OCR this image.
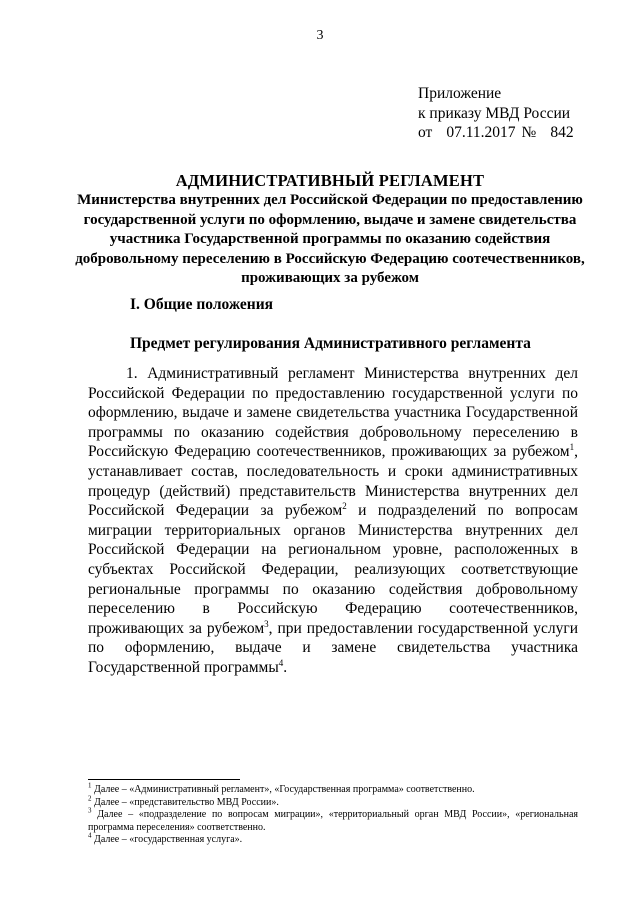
3
Приложение
к приказу МВД России
от 07.11.2017 № 842
АДМИНИСТРАТИВНЫЙ РЕГЛАМЕНТ
Министерства внутренних дел Российской Федерации по предоставлению государственной услуги по оформлению, выдаче и замене свидетельства участника Государственной программы по оказанию содействия добровольному переселению в Российскую Федерацию соотечественников, проживающих за рубежом
I. Общие положения
Предмет регулирования Административного регламента
1. Административный регламент Министерства внутренних дел Российской Федерации по предоставлению государственной услуги по оформлению, выдаче и замене свидетельства участника Государственной программы по оказанию содействия добровольному переселению в Российскую Федерацию соотечественников, проживающих за рубежом$^1$, устанавливает состав, последовательность и сроки административных процедур (действий) представительств Министерства внутренних дел Российской Федерации за рубежом$^2$ и подразделений по вопросам миграции территориальных органов Министерства внутренних дел Российской Федерации на региональном уровне, расположенных в субъектах Российской Федерации, реализующих соответствующие региональные программы по оказанию содействия добровольному переселению в Российскую Федерацию соотечественников, проживающих за рубежом$^3$, при предоставлении государственной услуги по оформлению, выдаче и замене свидетельства участника Государственной программы$^4$.
$^1$ Далее – «Административный регламент», «Государственная программа» соответственно.
$^2$ Далее – «представительство МВД России».
$^3$ Далее – «подразделение по вопросам миграции», «территориальный орган МВД России», «региональная программа переселения» соответственно.
$^4$ Далее – «государственная услуга».
